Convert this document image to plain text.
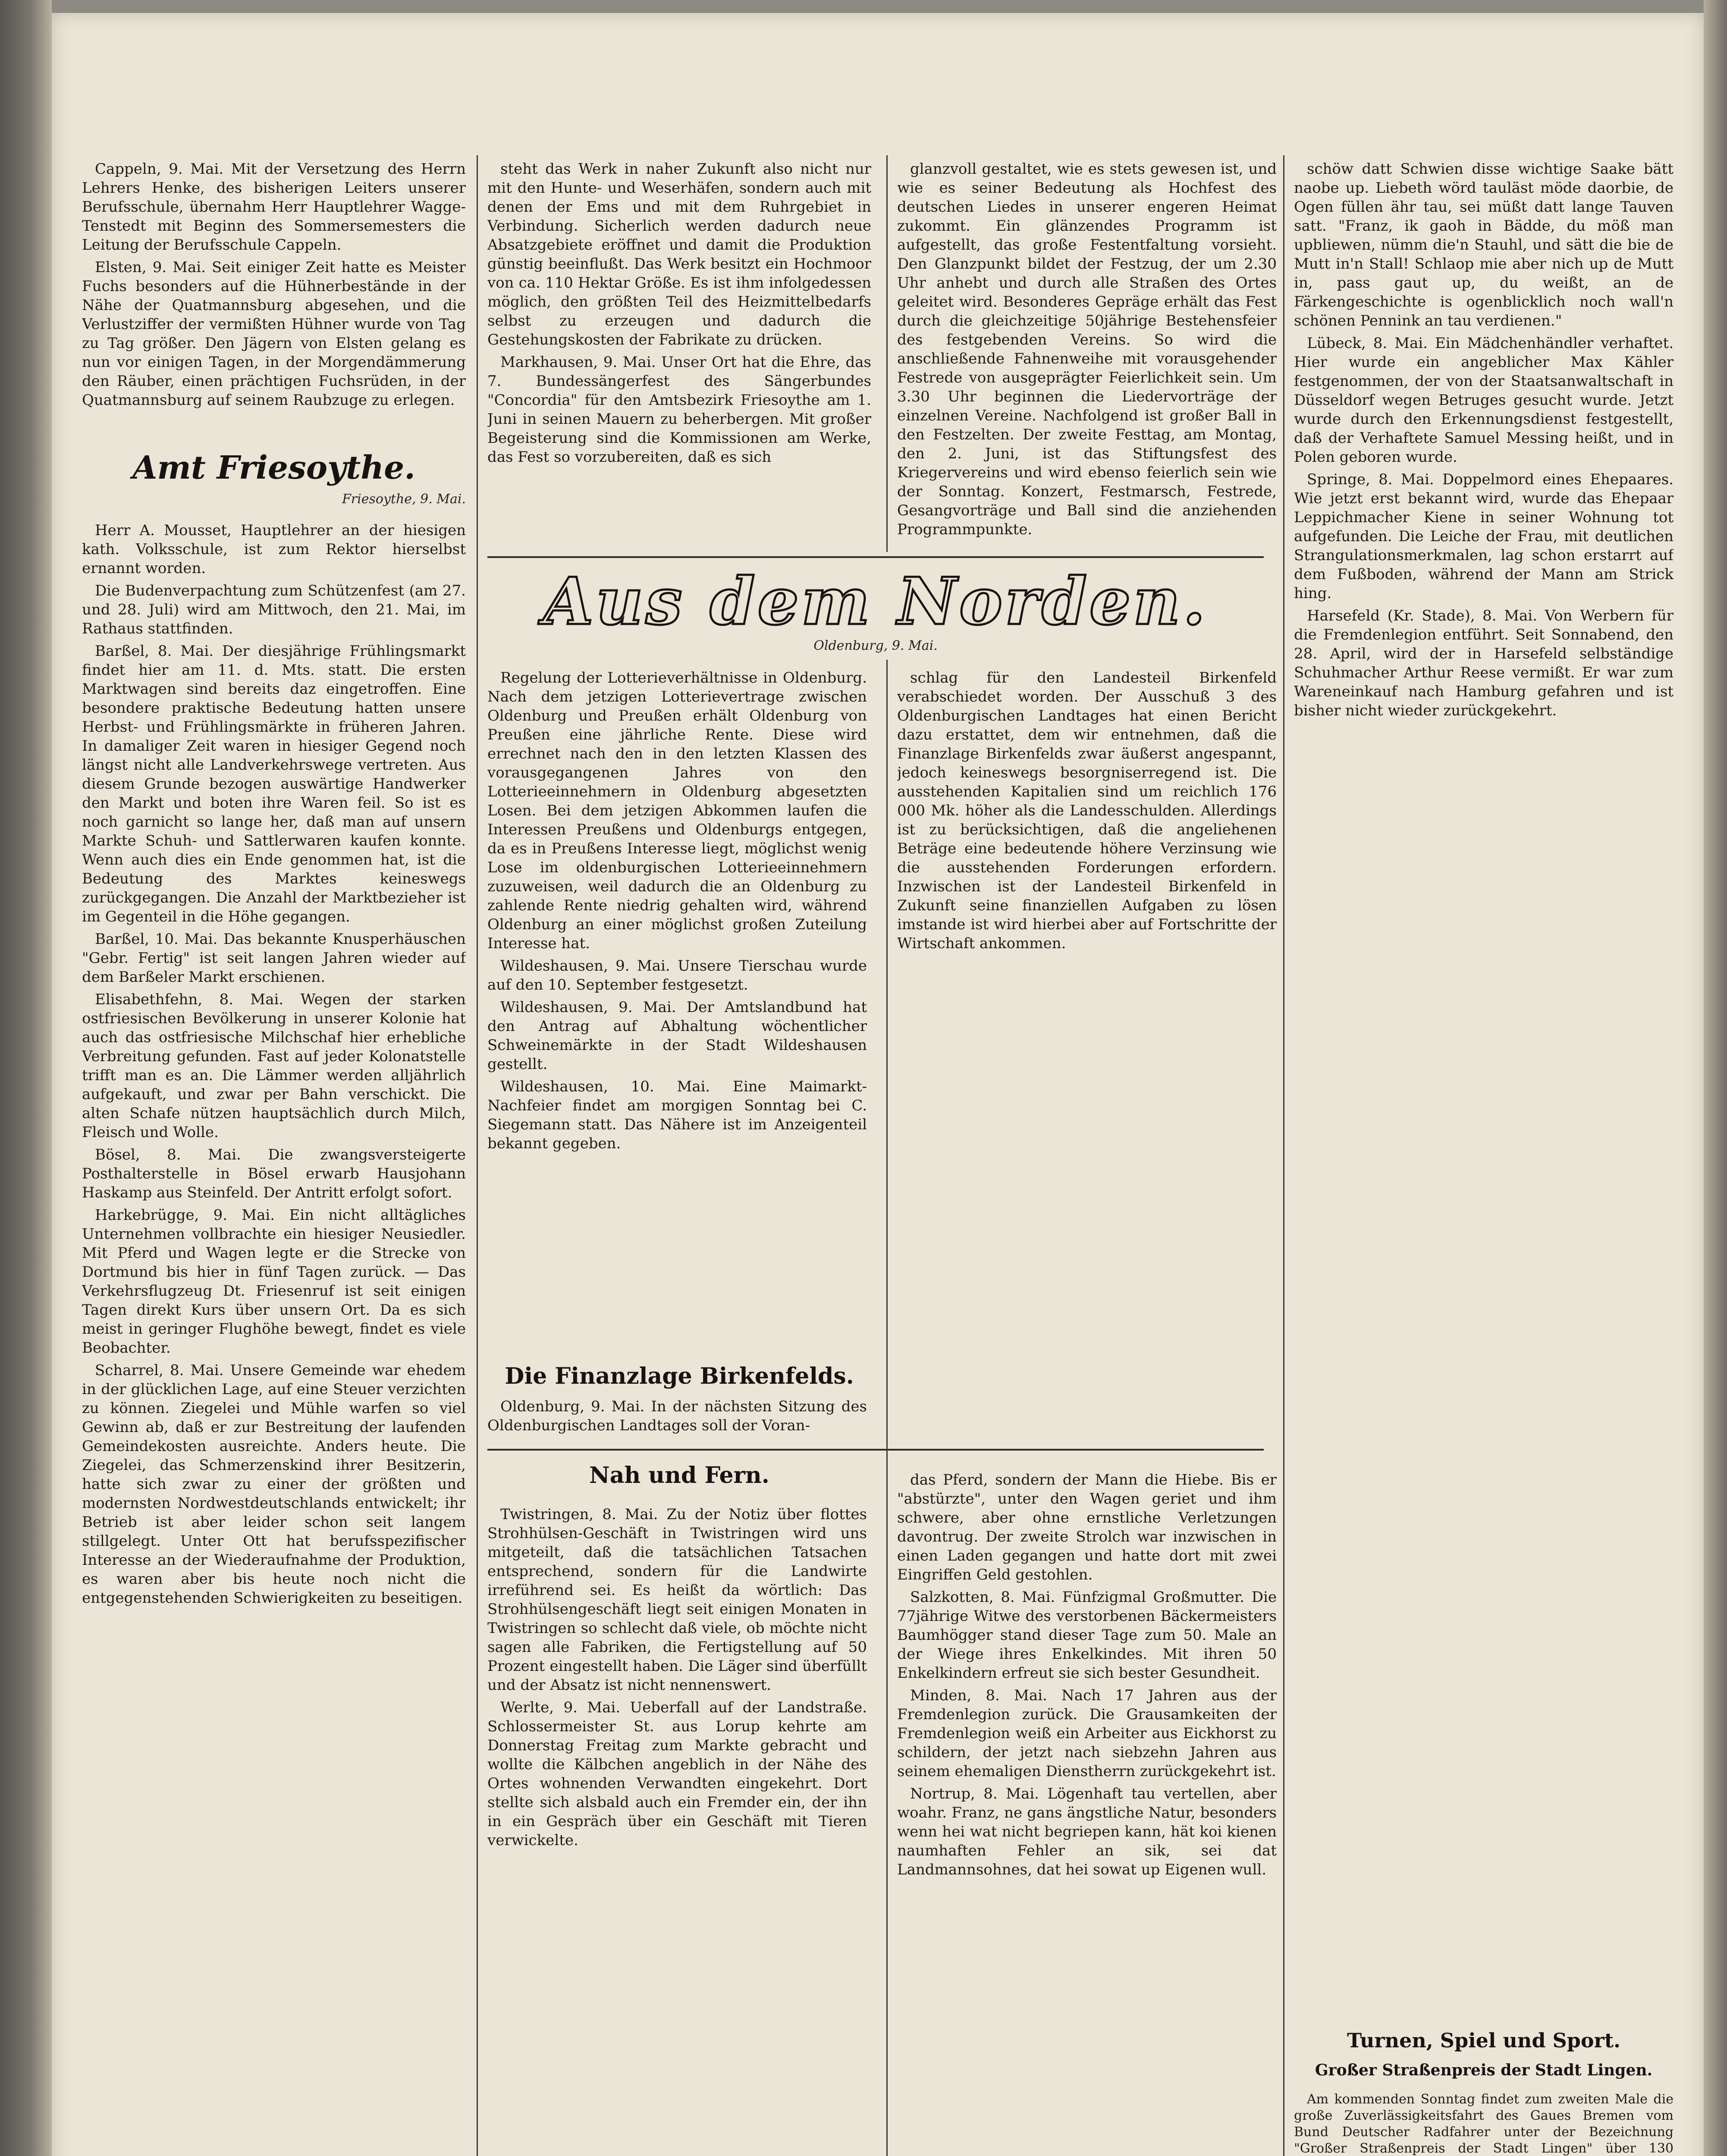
Cappeln, 9. Mai. Mit der Versetzung des Herrn Lehrers Henke, des bisherigen Leiters unserer Berufsschule, übernahm Herr Hauptlehrer Wagge-Tenstedt mit Beginn des Sommersemesters die Leitung der Berufsschule Cappeln.

Elsten, 9. Mai. Seit einiger Zeit hatte es Meister Fuchs besonders auf die Hühnerbestände in der Nähe der Quatmannsburg abgesehen, und die Verlustziffer der vermißten Hühner wurde von Tag zu Tag größer. Den Jägern von Elsten gelang es nun vor einigen Tagen, in der Morgendämmerung den Räuber, einen prächtigen Fuchsrüden, in der Quatmannsburg auf seinem Raubzuge zu erlegen.

Herr A. Mousset, Hauptlehrer an der hiesigen kath. Volksschule, ist zum Rektor hierselbst ernannt worden.

Die Budenverpachtung zum Schützenfest (am 27. und 28. Juli) wird am Mittwoch, den 21. Mai, im Rathaus stattfinden.

Barßel, 8. Mai. Der diesjährige Frühlingsmarkt findet hier am 11. d. Mts. statt. Die ersten Marktwagen sind bereits daz eingetroffen. Eine besondere praktische Bedeutung hatten unsere Herbst- und Frühlingsmärkte in früheren Jahren. In damaliger Zeit waren in hiesiger Gegend noch längst nicht alle Landverkehrswege vertreten. Aus diesem Grunde bezogen auswärtige Handwerker den Markt und boten ihre Waren feil. So ist es noch garnicht so lange her, daß man auf unsern Markte Schuh- und Sattlerwaren kaufen konnte. Wenn auch dies ein Ende genommen hat, ist die Bedeutung des Marktes keineswegs zurückgegangen. Die Anzahl der Marktbezieher ist im Gegenteil in die Höhe gegangen.

Barßel, 10. Mai. Das bekannte Knusperhäuschen "Gebr. Fertig" ist seit langen Jahren wieder auf dem Barßeler Markt erschienen.

Elisabethfehn, 8. Mai. Wegen der starken ostfriesischen Bevölkerung in unserer Kolonie hat auch das ostfriesische Milchschaf hier erhebliche Verbreitung gefunden. Fast auf jeder Kolonatstelle trifft man es an. Die Lämmer werden alljährlich aufgekauft, und zwar per Bahn verschickt. Die alten Schafe nützen hauptsächlich durch Milch, Fleisch und Wolle.

Bösel, 8. Mai. Die zwangsversteigerte Posthalterstelle in Bösel erwarb Hausjohann Haskamp aus Steinfeld. Der Antritt erfolgt sofort.

Harkebrügge, 9. Mai. Ein nicht alltägliches Unternehmen vollbrachte ein hiesiger Neusiedler. Mit Pferd und Wagen legte er die Strecke von Dortmund bis hier in fünf Tagen zurück. — Das Verkehrsflugzeug Dt. Friesenruf ist seit einigen Tagen direkt Kurs über unsern Ort. Da es sich meist in geringer Flughöhe bewegt, findet es viele Beobachter.

Scharrel, 8. Mai. Unsere Gemeinde war ehedem in der glücklichen Lage, auf eine Steuer verzichten zu können. Ziegelei und Mühle warfen so viel Gewinn ab, daß er zur Bestreitung der laufenden Gemeindekosten ausreichte. Anders heute. Die Ziegelei, das Schmerzenskind ihrer Besitzerin, hatte sich zwar zu einer der größten und modernsten Nordwestdeutschlands entwickelt; ihr Betrieb ist aber leider schon seit langem stillgelegt. Unter Ott hat berufsspezifischer Interesse an der Wiederaufnahme der Produktion, es waren aber bis heute noch nicht die entgegenstehenden Schwierigkeiten zu beseitigen.

Amt Friesoythe.
Friesoythe, 9. Mai.

steht das Werk in naher Zukunft also nicht nur mit den Hunte- und Weserhäfen, sondern auch mit denen der Ems und mit dem Ruhrgebiet in Verbindung. Sicherlich werden dadurch neue Absatzgebiete eröffnet und damit die Produktion günstig beeinflußt. Das Werk besitzt ein Hochmoor von ca. 110 Hektar Größe. Es ist ihm infolgedessen möglich, den größten Teil des Heizmittelbedarfs selbst zu erzeugen und dadurch die Gestehungskosten der Fabrikate zu drücken.

Markhausen, 9. Mai. Unser Ort hat die Ehre, das 7. Bundessängerfest des Sängerbundes "Concordia" für den Amtsbezirk Friesoythe am 1. Juni in seinen Mauern zu beherbergen. Mit großer Begeisterung sind die Kommissionen am Werke, das Fest so vorzubereiten, daß es sich

glanzvoll gestaltet, wie es stets gewesen ist, und wie es seiner Bedeutung als Hochfest des deutschen Liedes in unserer engeren Heimat zukommt. Ein glänzendes Programm ist aufgestellt, das große Festentfaltung vorsieht. Den Glanzpunkt bildet der Festzug, der um 2.30 Uhr anhebt und durch alle Straßen des Ortes geleitet wird. Besonderes Gepräge erhält das Fest durch die gleichzeitige 50jährige Bestehensfeier des festgebenden Vereins. So wird die anschließende Fahnenweihe mit vorausgehender Festrede von ausgeprägter Feierlichkeit sein. Um 3.30 Uhr beginnen die Liedervorträge der einzelnen Vereine. Nachfolgend ist großer Ball in den Festzelten. Der zweite Festtag, am Montag, den 2. Juni, ist das Stiftungsfest des Kriegervereins und wird ebenso feierlich sein wie der Sonntag. Konzert, Festmarsch, Festrede, Gesangvorträge und Ball sind die anziehenden Programmpunkte.

schöw datt Schwien disse wichtige Saake bätt naobe up. Liebeth wörd tauläst möde daorbie, de Ogen füllen ähr tau, sei müßt datt lange Tauven satt. "Franz, ik gaoh in Bädde, du möß man upbliewen, nümm die'n Stauhl, und sätt die bie de Mutt in'n Stall! Schlaop mie aber nich up de Mutt in, pass gaut up, du weißt, an de Färkengeschichte is ogenblicklich noch wall'n schönen Pennink an tau verdienen."

Lübeck, 8. Mai. Ein Mädchenhändler verhaftet. Hier wurde ein angeblicher Max Kähler festgenommen, der von der Staatsanwaltschaft in Düsseldorf wegen Betruges gesucht wurde. Jetzt wurde durch den Erkennungsdienst festgestellt, daß der Verhaftete Samuel Messing heißt, und in Polen geboren wurde.

Springe, 8. Mai. Doppelmord eines Ehepaares. Wie jetzt erst bekannt wird, wurde das Ehepaar Leppichmacher Kiene in seiner Wohnung tot aufgefunden. Die Leiche der Frau, mit deutlichen Strangulationsmerkmalen, lag schon erstarrt auf dem Fußboden, während der Mann am Strick hing.

Harsefeld (Kr. Stade), 8. Mai. Von Werbern für die Fremdenlegion entführt. Seit Sonnabend, den 28. April, wird der in Harsefeld selbständige Schuhmacher Arthur Reese vermißt. Er war zum Wareneinkauf nach Hamburg gefahren und ist bisher nicht wieder zurückgekehrt.

Aus dem Norden.
Oldenburg, 9. Mai.

Regelung der Lotterieverhältnisse in Oldenburg. Nach dem jetzigen Lotterievertrage zwischen Oldenburg und Preußen erhält Oldenburg von Preußen eine jährliche Rente. Diese wird errechnet nach den in den letzten Klassen des vorausgegangenen Jahres von den Lotterieeinnehmern in Oldenburg abgesetzten Losen. Bei dem jetzigen Abkommen laufen die Interessen Preußens und Oldenburgs entgegen, da es in Preußens Interesse liegt, möglichst wenig Lose im oldenburgischen Lotterieeinnehmern zuzuweisen, weil dadurch die an Oldenburg zu zahlende Rente niedrig gehalten wird, während Oldenburg an einer möglichst großen Zuteilung Interesse hat.

Wildeshausen, 9. Mai. Unsere Tierschau wurde auf den 10. September festgesetzt.

Wildeshausen, 9. Mai. Der Amtslandbund hat den Antrag auf Abhaltung wöchentlicher Schweinemärkte in der Stadt Wildeshausen gestellt.

Wildeshausen, 10. Mai. Eine Maimarkt-Nachfeier findet am morgigen Sonntag bei C. Siegemann statt. Das Nähere ist im Anzeigenteil bekannt gegeben.

schlag für den Landesteil Birkenfeld verabschiedet worden. Der Ausschuß 3 des Oldenburgischen Landtages hat einen Bericht dazu erstattet, dem wir entnehmen, daß die Finanzlage Birkenfelds zwar äußerst angespannt, jedoch keineswegs besorgniserregend ist. Die ausstehenden Kapitalien sind um reichlich 176 000 Mk. höher als die Landesschulden. Allerdings ist zu berücksichtigen, daß die angeliehenen Beträge eine bedeutende höhere Verzinsung wie die ausstehenden Forderungen erfordern. Inzwischen ist der Landesteil Birkenfeld in Zukunft seine finanziellen Aufgaben zu lösen imstande ist wird hierbei aber auf Fortschritte der Wirtschaft ankommen.

Die Finanzlage Birkenfelds.

Oldenburg, 9. Mai. In der nächsten Sitzung des Oldenburgischen Landtages soll der Voran-

Nah und Fern.

Twistringen, 8. Mai. Zu der Notiz über flottes Strohhülsen-Geschäft in Twistringen wird uns mitgeteilt, daß die tatsächlichen Tatsachen entsprechend, sondern für die Landwirte irreführend sei. Es heißt da wörtlich: Das Strohhülsengeschäft liegt seit einigen Monaten in Twistringen so schlecht daß viele, ob möchte nicht sagen alle Fabriken, die Fertigstellung auf 50 Prozent eingestellt haben. Die Läger sind überfüllt und der Absatz ist nicht nennenswert.

Werlte, 9. Mai. Ueberfall auf der Landstraße. Schlossermeister St. aus Lorup kehrte am Donnerstag Freitag zum Markte gebracht und wollte die Kälbchen angeblich in der Nähe des Ortes wohnenden Verwandten eingekehrt. Dort stellte sich alsbald auch ein Fremder ein, der ihn in ein Gespräch über ein Geschäft mit Tieren verwickelte.

das Pferd, sondern der Mann die Hiebe. Bis er "abstürzte", unter den Wagen geriet und ihm schwere, aber ohne ernstliche Verletzungen davontrug. Der zweite Strolch war inzwischen in einen Laden gegangen und hatte dort mit zwei Eingriffen Geld gestohlen.

Salzkotten, 8. Mai. Fünfzigmal Großmutter. Die 77jährige Witwe des verstorbenen Bäckermeisters Baumhögger stand dieser Tage zum 50. Male an der Wiege ihres Enkelkindes. Mit ihren 50 Enkelkindern erfreut sie sich bester Gesundheit.

Minden, 8. Mai. Nach 17 Jahren aus der Fremdenlegion zurück. Die Grausamkeiten der Fremdenlegion weiß ein Arbeiter aus Eickhorst zu schildern, der jetzt nach siebzehn Jahren aus seinem ehemaligen Dienstherrn zurückgekehrt ist.

Nortrup, 8. Mai. Lögenhaft tau vertellen, aber woahr. Franz, ne gans ängstliche Natur, besonders wenn hei wat nicht begriepen kann, hät koi kienen naumhaften Fehler an sik, sei dat Landmannsohnes, dat hei sowat up Eigenen wull.

Turnen, Spiel und Sport.
Großer Straßenpreis der Stadt Lingen.

Am kommenden Sonntag findet zum zweiten Male die große Zuverlässigkeitsfahrt des Gaues Bremen vom Bund Deutscher Radfahrer unter der Bezeichnung "Großer Straßenpreis der Stadt Lingen" über 130
